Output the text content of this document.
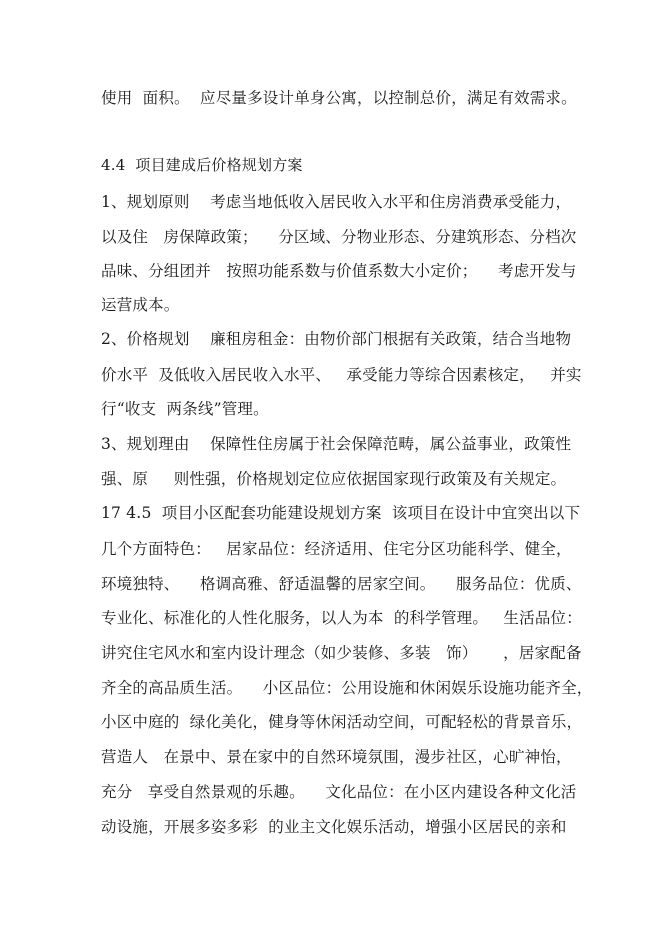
使用  面积。  应尽量多设计单身公寓，以控制总价，满足有效需求。

4.4  项目建成后价格规划方案

1、规划原则    考虑当地低收入居民收入水平和住房消费承受能力，

以及住   房保障政策；    分区域、分物业形态、分建筑形态、分档次

品味、分组团并   按照功能系数与价值系数大小定价；    考虑开发与

运营成本。

2、价格规划    廉租房租金：由物价部门根据有关政策，结合当地物

价水平  及低收入居民收入水平、   承受能力等综合因素核定，   并实

行“收支  两条线”管理。

3、规划理由    保障性住房属于社会保障范畴，属公益事业，政策性

强、原     则性强，价格规划定位应依据国家现行政策及有关规定。

17 4.5  项目小区配套功能建设规划方案  该项目在设计中宜突出以下

几个方面特色：   居家品位：经济适用、住宅分区功能科学、健全，

环境独特、    格调高雅、舒适温馨的居家空间。    服务品位：优质、

专业化、标准化的人性化服务，以人为本  的科学管理。   生活品位：

讲究住宅风水和室内设计理念（如少装修、多装   饰）     ，居家配备

齐全的高品质生活。    小区品位：公用设施和休闲娱乐设施功能齐全，

小区中庭的  绿化美化，健身等休闲活动空间，可配轻松的背景音乐，

营造人   在景中、景在家中的自然环境氛围，漫步社区，心旷神怡，

充分   享受自然景观的乐趣。    文化品位：在小区内建设各种文化活

动设施，开展多姿多彩  的业主文化娱乐活动，增强小区居民的亲和
